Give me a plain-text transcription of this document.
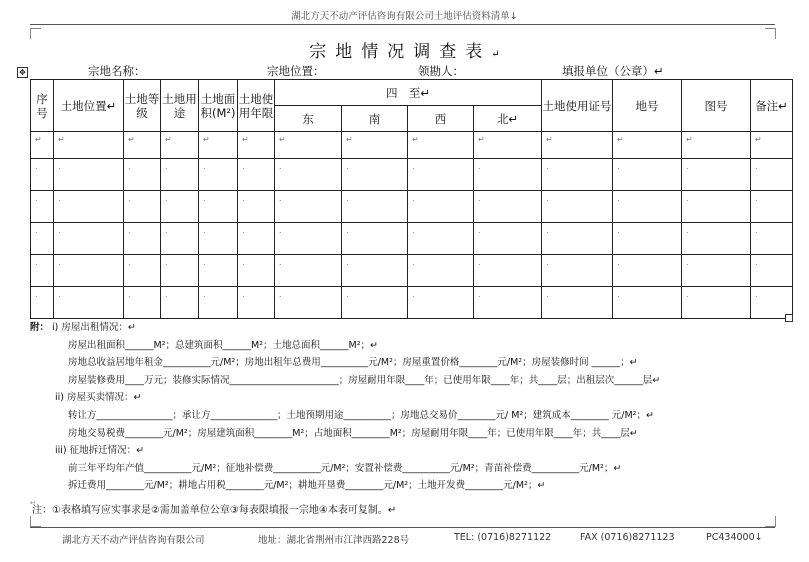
湖北方天不动产评估咨询有限公司土地评估资料清单↓
宗地情况调查表↵
✥	宗地名称：	宗地位置：	领勘人：	填报单位（公章）↵
序号	土地位置↵	土地等级	土地用途	土地面积(M²)	土地使用年限	四　至↵				土地使用证号	地号	图号	备注↵
						东	南	西	北↵				
↵	↵	↵	↵	↵	↵	↵	↵	↵	↵	↵	↵	↵	↵
.	.	.	.	.	.	.	.	.	.	.	.	.	.
.	.	.	.	.	.	.	.	.	.	.	.	.	.
.	.	.	.	.	.	.	.	.	.	.	.	.	.
.	.	.	.	.	.	.	.	.	.	.	.	.	.
.	.	.	.	.	.	.	.	.	.	.	.	.	.
附： i) 房屋出租情况：↵
房屋出租面积______M²；总建筑面积______M²；土地总面积______M²；↵
房地总收益居地年租金__________元/M²；房地出租年总费用__________元/M²；房屋重置价格________元/M²；房屋装修时间 ______；↵
房屋装修费用____万元；装修实际情况_______________________；房屋耐用年限____年；已使用年限____年；共____层；出租层次______层↵
ii) 房屋买卖情况：↵
转让方________________；承让方______________；土地预期用途__________；房地总交易价________元/ M²；建筑成本________ 元/M²；↵
房地交易税费________元/M²；房屋建筑面积________M²；占地面积________M²；房屋耐用年限____年；已使用年限____年；共____层↵
iii) 征地拆迁情况：↵
前三年平均年产值__________元/M²；征地补偿费__________元/M²；安置补偿费__________元/M²；青苗补偿费__________元/M²；↵
拆迁费用________元/M²；耕地占用税________元/M²；耕地开垦费________元/M²；土地开发费________元/M²；↵
↵
注：①表格填写应实事求是②需加盖单位公章③每表限填报一宗地④本表可复制。↵
湖北方天不动产评估咨询有限公司	地址：湖北省荆州市江津西路228号	TEL: (0716)8271122	FAX (0716)8271123	PC434000↓
